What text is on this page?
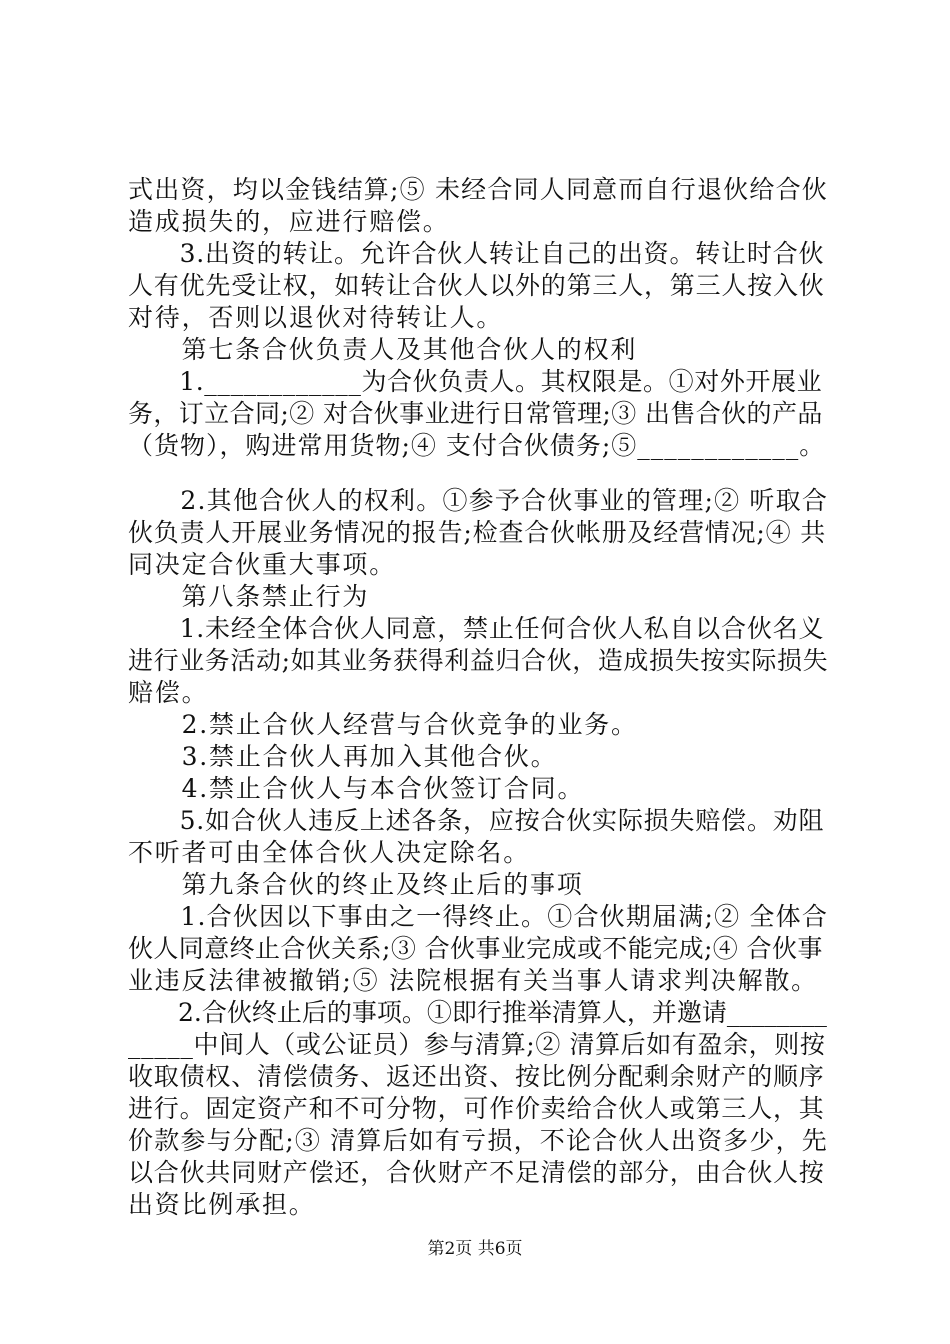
式出资，均以金钱结算;⑤ 未经合同人同意而自行退伙给合伙
造成损失的，应进行赔偿。
　　3.出资的转让。允许合伙人转让自己的出资。转让时合伙
人有优先受让权，如转让合伙人以外的第三人，第三人按入伙
对待，否则以退伙对待转让人。
　　第七条合伙负责人及其他合伙人的权利
　　1.____________为合伙负责人。其权限是。①对外开展业
务，订立合同;② 对合伙事业进行日常管理;③ 出售合伙的产品
（货物），购进常用货物;④ 支付合伙债务;⑤____________。
　　2.其他合伙人的权利。①参予合伙事业的管理;② 听取合
伙负责人开展业务情况的报告;检查合伙帐册及经营情况;④ 共
同决定合伙重大事项。
　　第八条禁止行为
　　1.未经全体合伙人同意，禁止任何合伙人私自以合伙名义
进行业务活动;如其业务获得利益归合伙，造成损失按实际损失
赔偿。
　　2.禁止合伙人经营与合伙竞争的业务。
　　3.禁止合伙人再加入其他合伙。
　　4.禁止合伙人与本合伙签订合同。
　　5.如合伙人违反上述各条，应按合伙实际损失赔偿。劝阻
不听者可由全体合伙人决定除名。
　　第九条合伙的终止及终止后的事项
　　1.合伙因以下事由之一得终止。①合伙期届满;② 全体合
伙人同意终止合伙关系;③ 合伙事业完成或不能完成;④ 合伙事
业违反法律被撤销;⑤ 法院根据有关当事人请求判决解散。
　　2.合伙终止后的事项。①即行推举清算人，并邀请________
_____中间人（或公证员）参与清算;② 清算后如有盈余，则按
收取债权、清偿债务、返还出资、按比例分配剩余财产的顺序
进行。固定资产和不可分物，可作价卖给合伙人或第三人，其
价款参与分配;③ 清算后如有亏损，不论合伙人出资多少，先
以合伙共同财产偿还，合伙财产不足清偿的部分，由合伙人按
出资比例承担。
第2页 共6页
